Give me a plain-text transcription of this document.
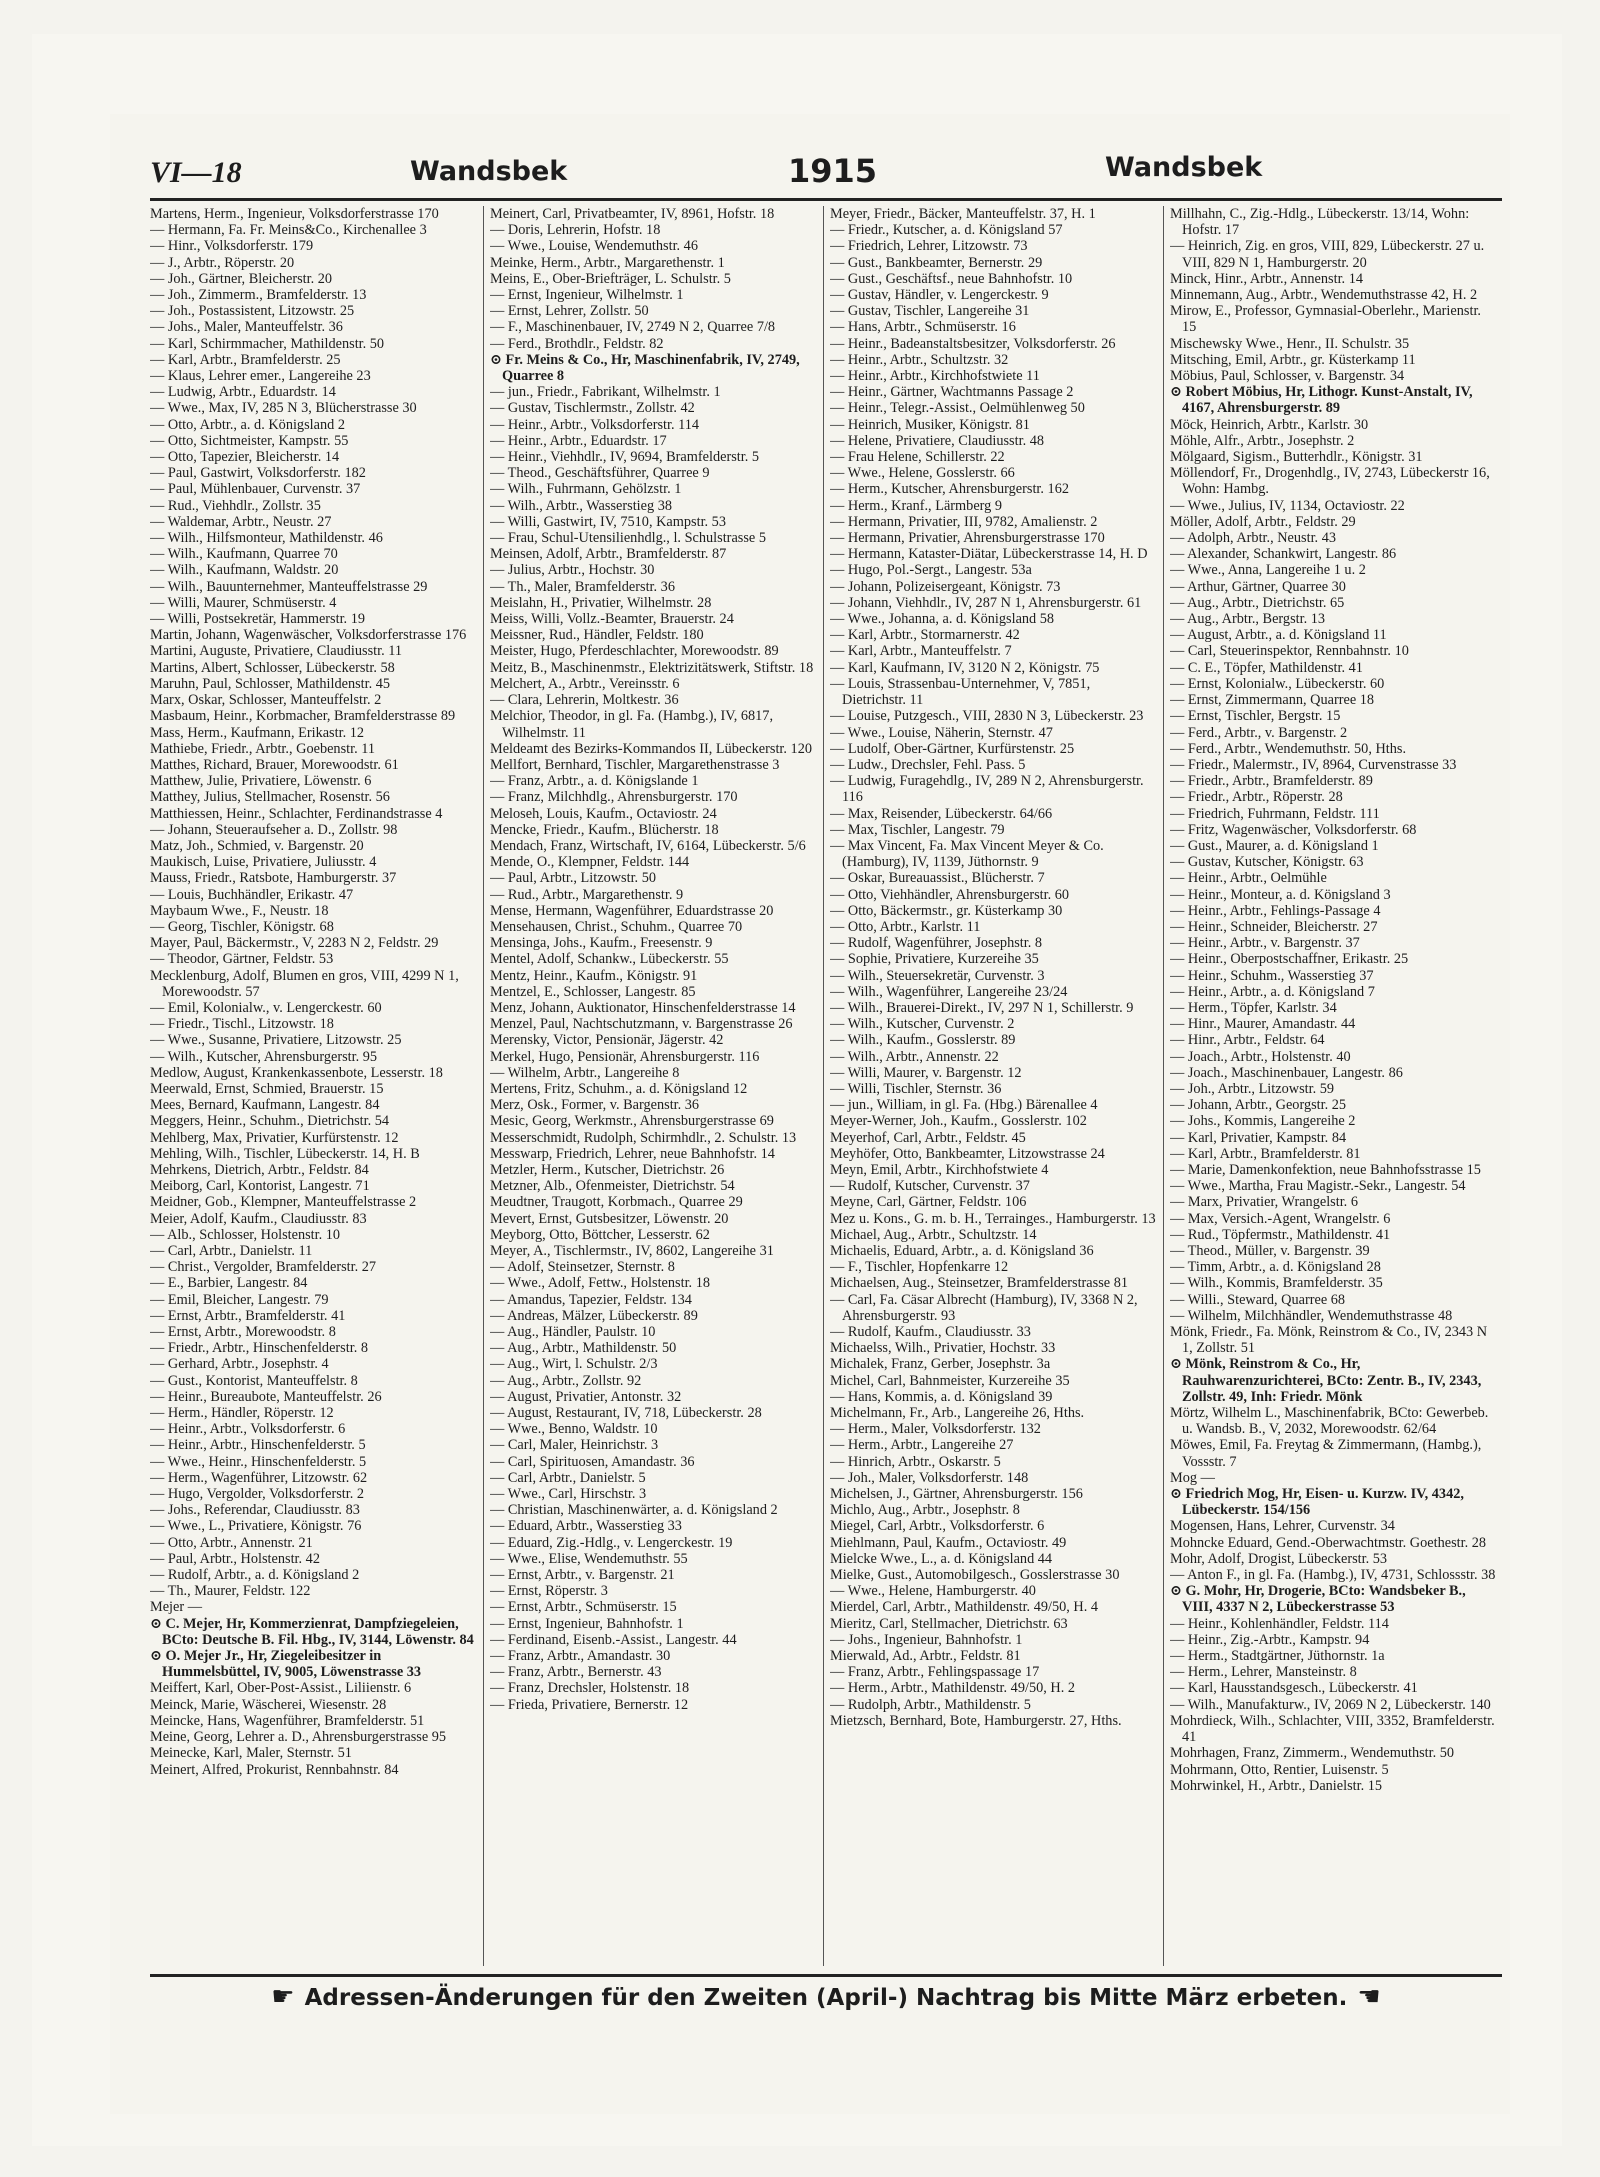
VI—18	Wandsbek	1915	Wandsbek

Martens, Herm., Ingenieur, Volksdorferstrasse 170

— Hermann, Fa. Fr. Meins&Co., Kirchenallee 3

— Hinr., Volksdorferstr. 179

— J., Arbtr., Röperstr. 20

— Joh., Gärtner, Bleicherstr. 20

— Joh., Zimmerm., Bramfelderstr. 13

— Joh., Postassistent, Litzowstr. 25

— Johs., Maler, Manteuffelstr. 36

— Karl, Schirmmacher, Mathildenstr. 50

— Karl, Arbtr., Bramfelderstr. 25

— Klaus, Lehrer emer., Langereihe 23

— Ludwig, Arbtr., Eduardstr. 14

— Wwe., Max, IV, 285 N 3, Blücherstrasse 30

— Otto, Arbtr., a. d. Königsland 2

— Otto, Sichtmeister, Kampstr. 55

— Otto, Tapezier, Bleicherstr. 14

— Paul, Gastwirt, Volksdorferstr. 182

— Paul, Mühlenbauer, Curvenstr. 37

— Rud., Viehhdlr., Zollstr. 35

— Waldemar, Arbtr., Neustr. 27

— Wilh., Hilfsmonteur, Mathildenstr. 46

— Wilh., Kaufmann, Quarree 70

— Wilh., Kaufmann, Waldstr. 20

— Wilh., Bauunternehmer, Manteuffelstrasse 29

— Willi, Maurer, Schmüserstr. 4

— Willi, Postsekretär, Hammerstr. 19

Martin, Johann, Wagenwäscher, Volksdorferstrasse 176

Martini, Auguste, Privatiere, Claudiusstr. 11

Martins, Albert, Schlosser, Lübeckerstr. 58

Maruhn, Paul, Schlosser, Mathildenstr. 45

Marx, Oskar, Schlosser, Manteuffelstr. 2

Masbaum, Heinr., Korbmacher, Bramfelderstrasse 89

Mass, Herm., Kaufmann, Erikastr. 12

Mathiebe, Friedr., Arbtr., Goebenstr. 11

Matthes, Richard, Brauer, Morewoodstr. 61

Matthew, Julie, Privatiere, Löwenstr. 6

Matthey, Julius, Stellmacher, Rosenstr. 56

Matthiessen, Heinr., Schlachter, Ferdinandstrasse 4

— Johann, Steueraufseher a. D., Zollstr. 98

Matz, Joh., Schmied, v. Bargenstr. 20

Maukisch, Luise, Privatiere, Juliusstr. 4

Mauss, Friedr., Ratsbote, Hamburgerstr. 37

— Louis, Buchhändler, Erikastr. 47

Maybaum Wwe., F., Neustr. 18

— Georg, Tischler, Königstr. 68

Mayer, Paul, Bäckermstr., V, 2283 N 2, Feldstr. 29

— Theodor, Gärtner, Feldstr. 53

Mecklenburg, Adolf, Blumen en gros, VIII, 4299 N 1, Morewoodstr. 57

— Emil, Kolonialw., v. Lengerckestr. 60

— Friedr., Tischl., Litzowstr. 18

— Wwe., Susanne, Privatiere, Litzowstr. 25

— Wilh., Kutscher, Ahrensburgerstr. 95

Medlow, August, Krankenkassenbote, Lesserstr. 18

Meerwald, Ernst, Schmied, Brauerstr. 15

Mees, Bernard, Kaufmann, Langestr. 84

Meggers, Heinr., Schuhm., Dietrichstr. 54

Mehlberg, Max, Privatier, Kurfürstenstr. 12

Mehling, Wilh., Tischler, Lübeckerstr. 14, H. B

Mehrkens, Dietrich, Arbtr., Feldstr. 84

Meiborg, Carl, Kontorist, Langestr. 71

Meidner, Gob., Klempner, Manteuffelstrasse 2

Meier, Adolf, Kaufm., Claudiusstr. 83

— Alb., Schlosser, Holstenstr. 10

— Carl, Arbtr., Danielstr. 11

— Christ., Vergolder, Bramfelderstr. 27

— E., Barbier, Langestr. 84

— Emil, Bleicher, Langestr. 79

— Ernst, Arbtr., Bramfelderstr. 41

— Ernst, Arbtr., Morewoodstr. 8

— Friedr., Arbtr., Hinschenfelderstr. 8

— Gerhard, Arbtr., Josephstr. 4

— Gust., Kontorist, Manteuffelstr. 8

— Heinr., Bureaubote, Manteuffelstr. 26

— Herm., Händler, Röperstr. 12

— Heinr., Arbtr., Volksdorferstr. 6

— Heinr., Arbtr., Hinschenfelderstr. 5

— Wwe., Heinr., Hinschenfelderstr. 5

— Herm., Wagenführer, Litzowstr. 62

— Hugo, Vergolder, Volksdorferstr. 2

— Johs., Referendar, Claudiusstr. 83

— Wwe., L., Privatiere, Königstr. 76

— Otto, Arbtr., Annenstr. 21

— Paul, Arbtr., Holstenstr. 42

— Rudolf, Arbtr., a. d. Königsland 2

— Th., Maurer, Feldstr. 122

Mejer —

⊙ C. Mejer, Hr, Kommerzienrat, Dampfziegeleien, BCto: Deutsche B. Fil. Hbg., IV, 3144, Löwenstr. 84

⊙ O. Mejer Jr., Hr, Ziegeleibesitzer in Hummelsbüttel, IV, 9005, Löwenstrasse 33

Meiffert, Karl, Ober-Post-Assist., Liliienstr. 6

Meinck, Marie, Wäscherei, Wiesenstr. 28

Meincke, Hans, Wagenführer, Bramfelderstr. 51

Meine, Georg, Lehrer a. D., Ahrensburgerstrasse 95

Meinecke, Karl, Maler, Sternstr. 51

Meinert, Alfred, Prokurist, Rennbahnstr. 84

Meinert, Carl, Privatbeamter, IV, 8961, Hofstr. 18

— Doris, Lehrerin, Hofstr. 18

— Wwe., Louise, Wendemuthstr. 46

Meinke, Herm., Arbtr., Margarethenstr. 1

Meins, E., Ober-Briefträger, L. Schulstr. 5

— Ernst, Ingenieur, Wilhelmstr. 1

— Ernst, Lehrer, Zollstr. 50

— F., Maschinenbauer, IV, 2749 N 2, Quarree 7/8

— Ferd., Brothdlr., Feldstr. 82

⊙ Fr. Meins & Co., Hr, Maschinenfabrik, IV, 2749, Quarree 8

— jun., Friedr., Fabrikant, Wilhelmstr. 1

— Gustav, Tischlermstr., Zollstr. 42

— Heinr., Arbtr., Volksdorferstr. 114

— Heinr., Arbtr., Eduardstr. 17

— Heinr., Viehhdlr., IV, 9694, Bramfelderstr. 5

— Theod., Geschäftsführer, Quarree 9

— Wilh., Fuhrmann, Gehölzstr. 1

— Wilh., Arbtr., Wasserstieg 38

— Willi, Gastwirt, IV, 7510, Kampstr. 53

— Frau, Schul-Utensilienhdlg., l. Schulstrasse 5

Meinsen, Adolf, Arbtr., Bramfelderstr. 87

— Julius, Arbtr., Hochstr. 30

— Th., Maler, Bramfelderstr. 36

Meislahn, H., Privatier, Wilhelmstr. 28

Meiss, Willi, Vollz.-Beamter, Brauerstr. 24

Meissner, Rud., Händler, Feldstr. 180

Meister, Hugo, Pferdeschlachter, Morewoodstr. 89

Meitz, B., Maschinenmstr., Elektrizitätswerk, Stiftstr. 18

Melchert, A., Arbtr., Vereinsstr. 6

— Clara, Lehrerin, Moltkestr. 36

Melchior, Theodor, in gl. Fa. (Hambg.), IV, 6817, Wilhelmstr. 11

Meldeamt des Bezirks-Kommandos II, Lübeckerstr. 120

Mellfort, Bernhard, Tischler, Margarethenstrasse 3

— Franz, Arbtr., a. d. Königslande 1

— Franz, Milchhdlg., Ahrensburgerstr. 170

Meloseh, Louis, Kaufm., Octaviostr. 24

Mencke, Friedr., Kaufm., Blücherstr. 18

Mendach, Franz, Wirtschaft, IV, 6164, Lübeckerstr. 5/6

Mende, O., Klempner, Feldstr. 144

— Paul, Arbtr., Litzowstr. 50

— Rud., Arbtr., Margarethenstr. 9

Mense, Hermann, Wagenführer, Eduardstrasse 20

Mensehausen, Christ., Schuhm., Quarree 70

Mensinga, Johs., Kaufm., Freesenstr. 9

Mentel, Adolf, Schankw., Lübeckerstr. 55

Mentz, Heinr., Kaufm., Königstr. 91

Mentzel, E., Schlosser, Langestr. 85

Menz, Johann, Auktionator, Hinschenfelderstrasse 14

Menzel, Paul, Nachtschutzmann, v. Bargenstrasse 26

Merensky, Victor, Pensionär, Jägerstr. 42

Merkel, Hugo, Pensionär, Ahrensburgerstr. 116

— Wilhelm, Arbtr., Langereihe 8

Mertens, Fritz, Schuhm., a. d. Königsland 12

Merz, Osk., Former, v. Bargenstr. 36

Mesic, Georg, Werkmstr., Ahrensburgerstrasse 69

Messerschmidt, Rudolph, Schirmhdlr., 2. Schulstr. 13

Messwarp, Friedrich, Lehrer, neue Bahnhofstr. 14

Metzler, Herm., Kutscher, Dietrichstr. 26

Metzner, Alb., Ofenmeister, Dietrichstr. 54

Meudtner, Traugott, Korbmach., Quarree 29

Mevert, Ernst, Gutsbesitzer, Löwenstr. 20

Meyborg, Otto, Böttcher, Lesserstr. 62

Meyer, A., Tischlermstr., IV, 8602, Langereihe 31

— Adolf, Steinsetzer, Sternstr. 8

— Wwe., Adolf, Fettw., Holstenstr. 18

— Amandus, Tapezier, Feldstr. 134

— Andreas, Mälzer, Lübeckerstr. 89

— Aug., Händler, Paulstr. 10

— Aug., Arbtr., Mathildenstr. 50

— Aug., Wirt, l. Schulstr. 2/3

— Aug., Arbtr., Zollstr. 92

— August, Privatier, Antonstr. 32

— August, Restaurant, IV, 718, Lübeckerstr. 28

— Wwe., Benno, Waldstr. 10

— Carl, Maler, Heinrichstr. 3

— Carl, Spirituosen, Amandastr. 36

— Carl, Arbtr., Danielstr. 5

— Wwe., Carl, Hirschstr. 3

— Christian, Maschinenwärter, a. d. Königsland 2

— Eduard, Arbtr., Wasserstieg 33

— Eduard, Zig.-Hdlg., v. Lengerckestr. 19

— Wwe., Elise, Wendemuthstr. 55

— Ernst, Arbtr., v. Bargenstr. 21

— Ernst, Röperstr. 3

— Ernst, Arbtr., Schmüserstr. 15

— Ernst, Ingenieur, Bahnhofstr. 1

— Ferdinand, Eisenb.-Assist., Langestr. 44

— Franz, Arbtr., Amandastr. 30

— Franz, Arbtr., Bernerstr. 43

— Franz, Drechsler, Holstenstr. 18

— Frieda, Privatiere, Bernerstr. 12

Meyer, Friedr., Bäcker, Manteuffelstr. 37, H. 1

— Friedr., Kutscher, a. d. Königsland 57

— Friedrich, Lehrer, Litzowstr. 73

— Gust., Bankbeamter, Bernerstr. 29

— Gust., Geschäftsf., neue Bahnhofstr. 10

— Gustav, Händler, v. Lengerckestr. 9

— Gustav, Tischler, Langereihe 31

— Hans, Arbtr., Schmüserstr. 16

— Heinr., Badeanstaltsbesitzer, Volksdorferstr. 26

— Heinr., Arbtr., Schultzstr. 32

— Heinr., Arbtr., Kirchhofstwiete 11

— Heinr., Gärtner, Wachtmanns Passage 2

— Heinr., Telegr.-Assist., Oelmühlenweg 50

— Heinrich, Musiker, Königstr. 81

— Helene, Privatiere, Claudiusstr. 48

— Frau Helene, Schillerstr. 22

— Wwe., Helene, Gosslerstr. 66

— Herm., Kutscher, Ahrensburgerstr. 162

— Herm., Kranf., Lärmberg 9

— Hermann, Privatier, III, 9782, Amalienstr. 2

— Hermann, Privatier, Ahrensburgerstrasse 170

— Hermann, Kataster-Diätar, Lübeckerstrasse 14, H. D

— Hugo, Pol.-Sergt., Langestr. 53a

— Johann, Polizeisergeant, Königstr. 73

— Johann, Viehhdlr., IV, 287 N 1, Ahrensburgerstr. 61

— Wwe., Johanna, a. d. Königsland 58

— Karl, Arbtr., Stormarnerstr. 42

— Karl, Arbtr., Manteuffelstr. 7

— Karl, Kaufmann, IV, 3120 N 2, Königstr. 75

— Louis, Strassenbau-Unternehmer, V, 7851, Dietrichstr. 11

— Louise, Putzgesch., VIII, 2830 N 3, Lübeckerstr. 23

— Wwe., Louise, Näherin, Sternstr. 47

— Ludolf, Ober-Gärtner, Kurfürstenstr. 25

— Ludw., Drechsler, Fehl. Pass. 5

— Ludwig, Furagehdlg., IV, 289 N 2, Ahrensburgerstr. 116

— Max, Reisender, Lübeckerstr. 64/66

— Max, Tischler, Langestr. 79

— Max Vincent, Fa. Max Vincent Meyer & Co. (Hamburg), IV, 1139, Jüthornstr. 9

— Oskar, Bureauassist., Blücherstr. 7

— Otto, Viehhändler, Ahrensburgerstr. 60

— Otto, Bäckermstr., gr. Küsterkamp 30

— Otto, Arbtr., Karlstr. 11

— Rudolf, Wagenführer, Josephstr. 8

— Sophie, Privatiere, Kurzereihe 35

— Wilh., Steuersekretär, Curvenstr. 3

— Wilh., Wagenführer, Langereihe 23/24

— Wilh., Brauerei-Direkt., IV, 297 N 1, Schillerstr. 9

— Wilh., Kutscher, Curvenstr. 2

— Wilh., Kaufm., Gosslerstr. 89

— Wilh., Arbtr., Annenstr. 22

— Willi, Maurer, v. Bargenstr. 12

— Willi, Tischler, Sternstr. 36

— jun., William, in gl. Fa. (Hbg.) Bärenallee 4

Meyer-Werner, Joh., Kaufm., Gosslerstr. 102

Meyerhof, Carl, Arbtr., Feldstr. 45

Meyhöfer, Otto, Bankbeamter, Litzowstrasse 24

Meyn, Emil, Arbtr., Kirchhofstwiete 4

— Rudolf, Kutscher, Curvenstr. 37

Meyne, Carl, Gärtner, Feldstr. 106

Mez u. Kons., G. m. b. H., Terrainges., Hamburgerstr. 13

Michael, Aug., Arbtr., Schultzstr. 14

Michaelis, Eduard, Arbtr., a. d. Königsland 36

— F., Tischler, Hopfenkarre 12

Michaelsen, Aug., Steinsetzer, Bramfelderstrasse 81

— Carl, Fa. Cäsar Albrecht (Hamburg), IV, 3368 N 2, Ahrensburgerstr. 93

— Rudolf, Kaufm., Claudiusstr. 33

Michaelss, Wilh., Privatier, Hochstr. 33

Michalek, Franz, Gerber, Josephstr. 3a

Michel, Carl, Bahnmeister, Kurzereihe 35

— Hans, Kommis, a. d. Königsland 39

Michelmann, Fr., Arb., Langereihe 26, Hths.

— Herm., Maler, Volksdorferstr. 132

— Herm., Arbtr., Langereihe 27

— Hinrich, Arbtr., Oskarstr. 5

— Joh., Maler, Volksdorferstr. 148

Michelsen, J., Gärtner, Ahrensburgerstr. 156

Michlo, Aug., Arbtr., Josephstr. 8

Miegel, Carl, Arbtr., Volksdorferstr. 6

Miehlmann, Paul, Kaufm., Octaviostr. 49

Mielcke Wwe., L., a. d. Königsland 44

Mielke, Gust., Automobilgesch., Gosslerstrasse 30

— Wwe., Helene, Hamburgerstr. 40

Mierdel, Carl, Arbtr., Mathildenstr. 49/50, H. 4

Mieritz, Carl, Stellmacher, Dietrichstr. 63

— Johs., Ingenieur, Bahnhofstr. 1

Mierwald, Ad., Arbtr., Feldstr. 81

— Franz, Arbtr., Fehlingspassage 17

— Herm., Arbtr., Mathildenstr. 49/50, H. 2

— Rudolph, Arbtr., Mathildenstr. 5

Mietzsch, Bernhard, Bote, Hamburgerstr. 27, Hths.

Millhahn, C., Zig.-Hdlg., Lübeckerstr. 13/14, Wohn: Hofstr. 17

— Heinrich, Zig. en gros, VIII, 829, Lübeckerstr. 27 u. VIII, 829 N 1, Hamburgerstr. 20

Minck, Hinr., Arbtr., Annenstr. 14

Minnemann, Aug., Arbtr., Wendemuthstrasse 42, H. 2

Mirow, E., Professor, Gymnasial-Oberlehr., Marienstr. 15

Mischewsky Wwe., Henr., II. Schulstr. 35

Mitsching, Emil, Arbtr., gr. Küsterkamp 11

Möbius, Paul, Schlosser, v. Bargenstr. 34

⊙ Robert Möbius, Hr, Lithogr. Kunst-Anstalt, IV, 4167, Ahrensburgerstr. 89

Möck, Heinrich, Arbtr., Karlstr. 30

Möhle, Alfr., Arbtr., Josephstr. 2

Mölgaard, Sigism., Butterhdlr., Königstr. 31

Möllendorf, Fr., Drogenhdlg., IV, 2743, Lübeckerstr 16, Wohn: Hambg.

— Wwe., Julius, IV, 1134, Octaviostr. 22

Möller, Adolf, Arbtr., Feldstr. 29

— Adolph, Arbtr., Neustr. 43

— Alexander, Schankwirt, Langestr. 86

— Wwe., Anna, Langereihe 1 u. 2

— Arthur, Gärtner, Quarree 30

— Aug., Arbtr., Dietrichstr. 65

— Aug., Arbtr., Bergstr. 13

— August, Arbtr., a. d. Königsland 11

— Carl, Steuerinspektor, Rennbahnstr. 10

— C. E., Töpfer, Mathildenstr. 41

— Ernst, Kolonialw., Lübeckerstr. 60

— Ernst, Zimmermann, Quarree 18

— Ernst, Tischler, Bergstr. 15

— Ferd., Arbtr., v. Bargenstr. 2

— Ferd., Arbtr., Wendemuthstr. 50, Hths.

— Friedr., Malermstr., IV, 8964, Curvenstrasse 33

— Friedr., Arbtr., Bramfelderstr. 89

— Friedr., Arbtr., Röperstr. 28

— Friedrich, Fuhrmann, Feldstr. 111

— Fritz, Wagenwäscher, Volksdorferstr. 68

— Gust., Maurer, a. d. Königsland 1

— Gustav, Kutscher, Königstr. 63

— Heinr., Arbtr., Oelmühle

— Heinr., Monteur, a. d. Königsland 3

— Heinr., Arbtr., Fehlings-Passage 4

— Heinr., Schneider, Bleicherstr. 27

— Heinr., Arbtr., v. Bargenstr. 37

— Heinr., Oberpostschaffner, Erikastr. 25

— Heinr., Schuhm., Wasserstieg 37

— Heinr., Arbtr., a. d. Königsland 7

— Herm., Töpfer, Karlstr. 34

— Hinr., Maurer, Amandastr. 44

— Hinr., Arbtr., Feldstr. 64

— Joach., Arbtr., Holstenstr. 40

— Joach., Maschinenbauer, Langestr. 86

— Joh., Arbtr., Litzowstr. 59

— Johann, Arbtr., Georgstr. 25

— Johs., Kommis, Langereihe 2

— Karl, Privatier, Kampstr. 84

— Karl, Arbtr., Bramfelderstr. 81

— Marie, Damenkonfektion, neue Bahnhofsstrasse 15

— Wwe., Martha, Frau Magistr.-Sekr., Langestr. 54

— Marx, Privatier, Wrangelstr. 6

— Max, Versich.-Agent, Wrangelstr. 6

— Rud., Töpfermstr., Mathildenstr. 41

— Theod., Müller, v. Bargenstr. 39

— Timm, Arbtr., a. d. Königsland 28

— Wilh., Kommis, Bramfelderstr. 35

— Willi., Steward, Quarree 68

— Wilhelm, Milchhändler, Wendemuthstrasse 48

Mönk, Friedr., Fa. Mönk, Reinstrom & Co., IV, 2343 N 1, Zollstr. 51

⊙ Mönk, Reinstrom & Co., Hr, Rauhwarenzurichterei, BCto: Zentr. B., IV, 2343, Zollstr. 49, Inh: Friedr. Mönk

Mörtz, Wilhelm L., Maschinenfabrik, BCto: Gewerbeb. u. Wandsb. B., V, 2032, Morewoodstr. 62/64

Möwes, Emil, Fa. Freytag & Zimmermann, (Hambg.), Vossstr. 7

Mog —

⊙ Friedrich Mog, Hr, Eisen- u. Kurzw. IV, 4342, Lübeckerstr. 154/156

Mogensen, Hans, Lehrer, Curvenstr. 34

Mohncke Eduard, Gend.-Oberwachtmstr. Goethestr. 28

Mohr, Adolf, Drogist, Lübeckerstr. 53

— Anton F., in gl. Fa. (Hambg.), IV, 4731, Schlossstr. 38

⊙ G. Mohr, Hr, Drogerie, BCto: Wandsbeker B., VIII, 4337 N 2, Lübeckerstrasse 53

— Heinr., Kohlenhändler, Feldstr. 114

— Heinr., Zig.-Arbtr., Kampstr. 94

— Herm., Stadtgärtner, Jüthornstr. 1a

— Herm., Lehrer, Mansteinstr. 8

— Karl, Hausstandsgesch., Lübeckerstr. 41

— Wilh., Manufakturw., IV, 2069 N 2, Lübeckerstr. 140

Mohrdieck, Wilh., Schlachter, VIII, 3352, Bramfelderstr. 41

Mohrhagen, Franz, Zimmerm., Wendemuthstr. 50

Mohrmann, Otto, Rentier, Luisenstr. 5

Mohrwinkel, H., Arbtr., Danielstr. 15

☛ Adressen-Änderungen für den Zweiten (April-) Nachtrag bis Mitte März erbeten. ☚
